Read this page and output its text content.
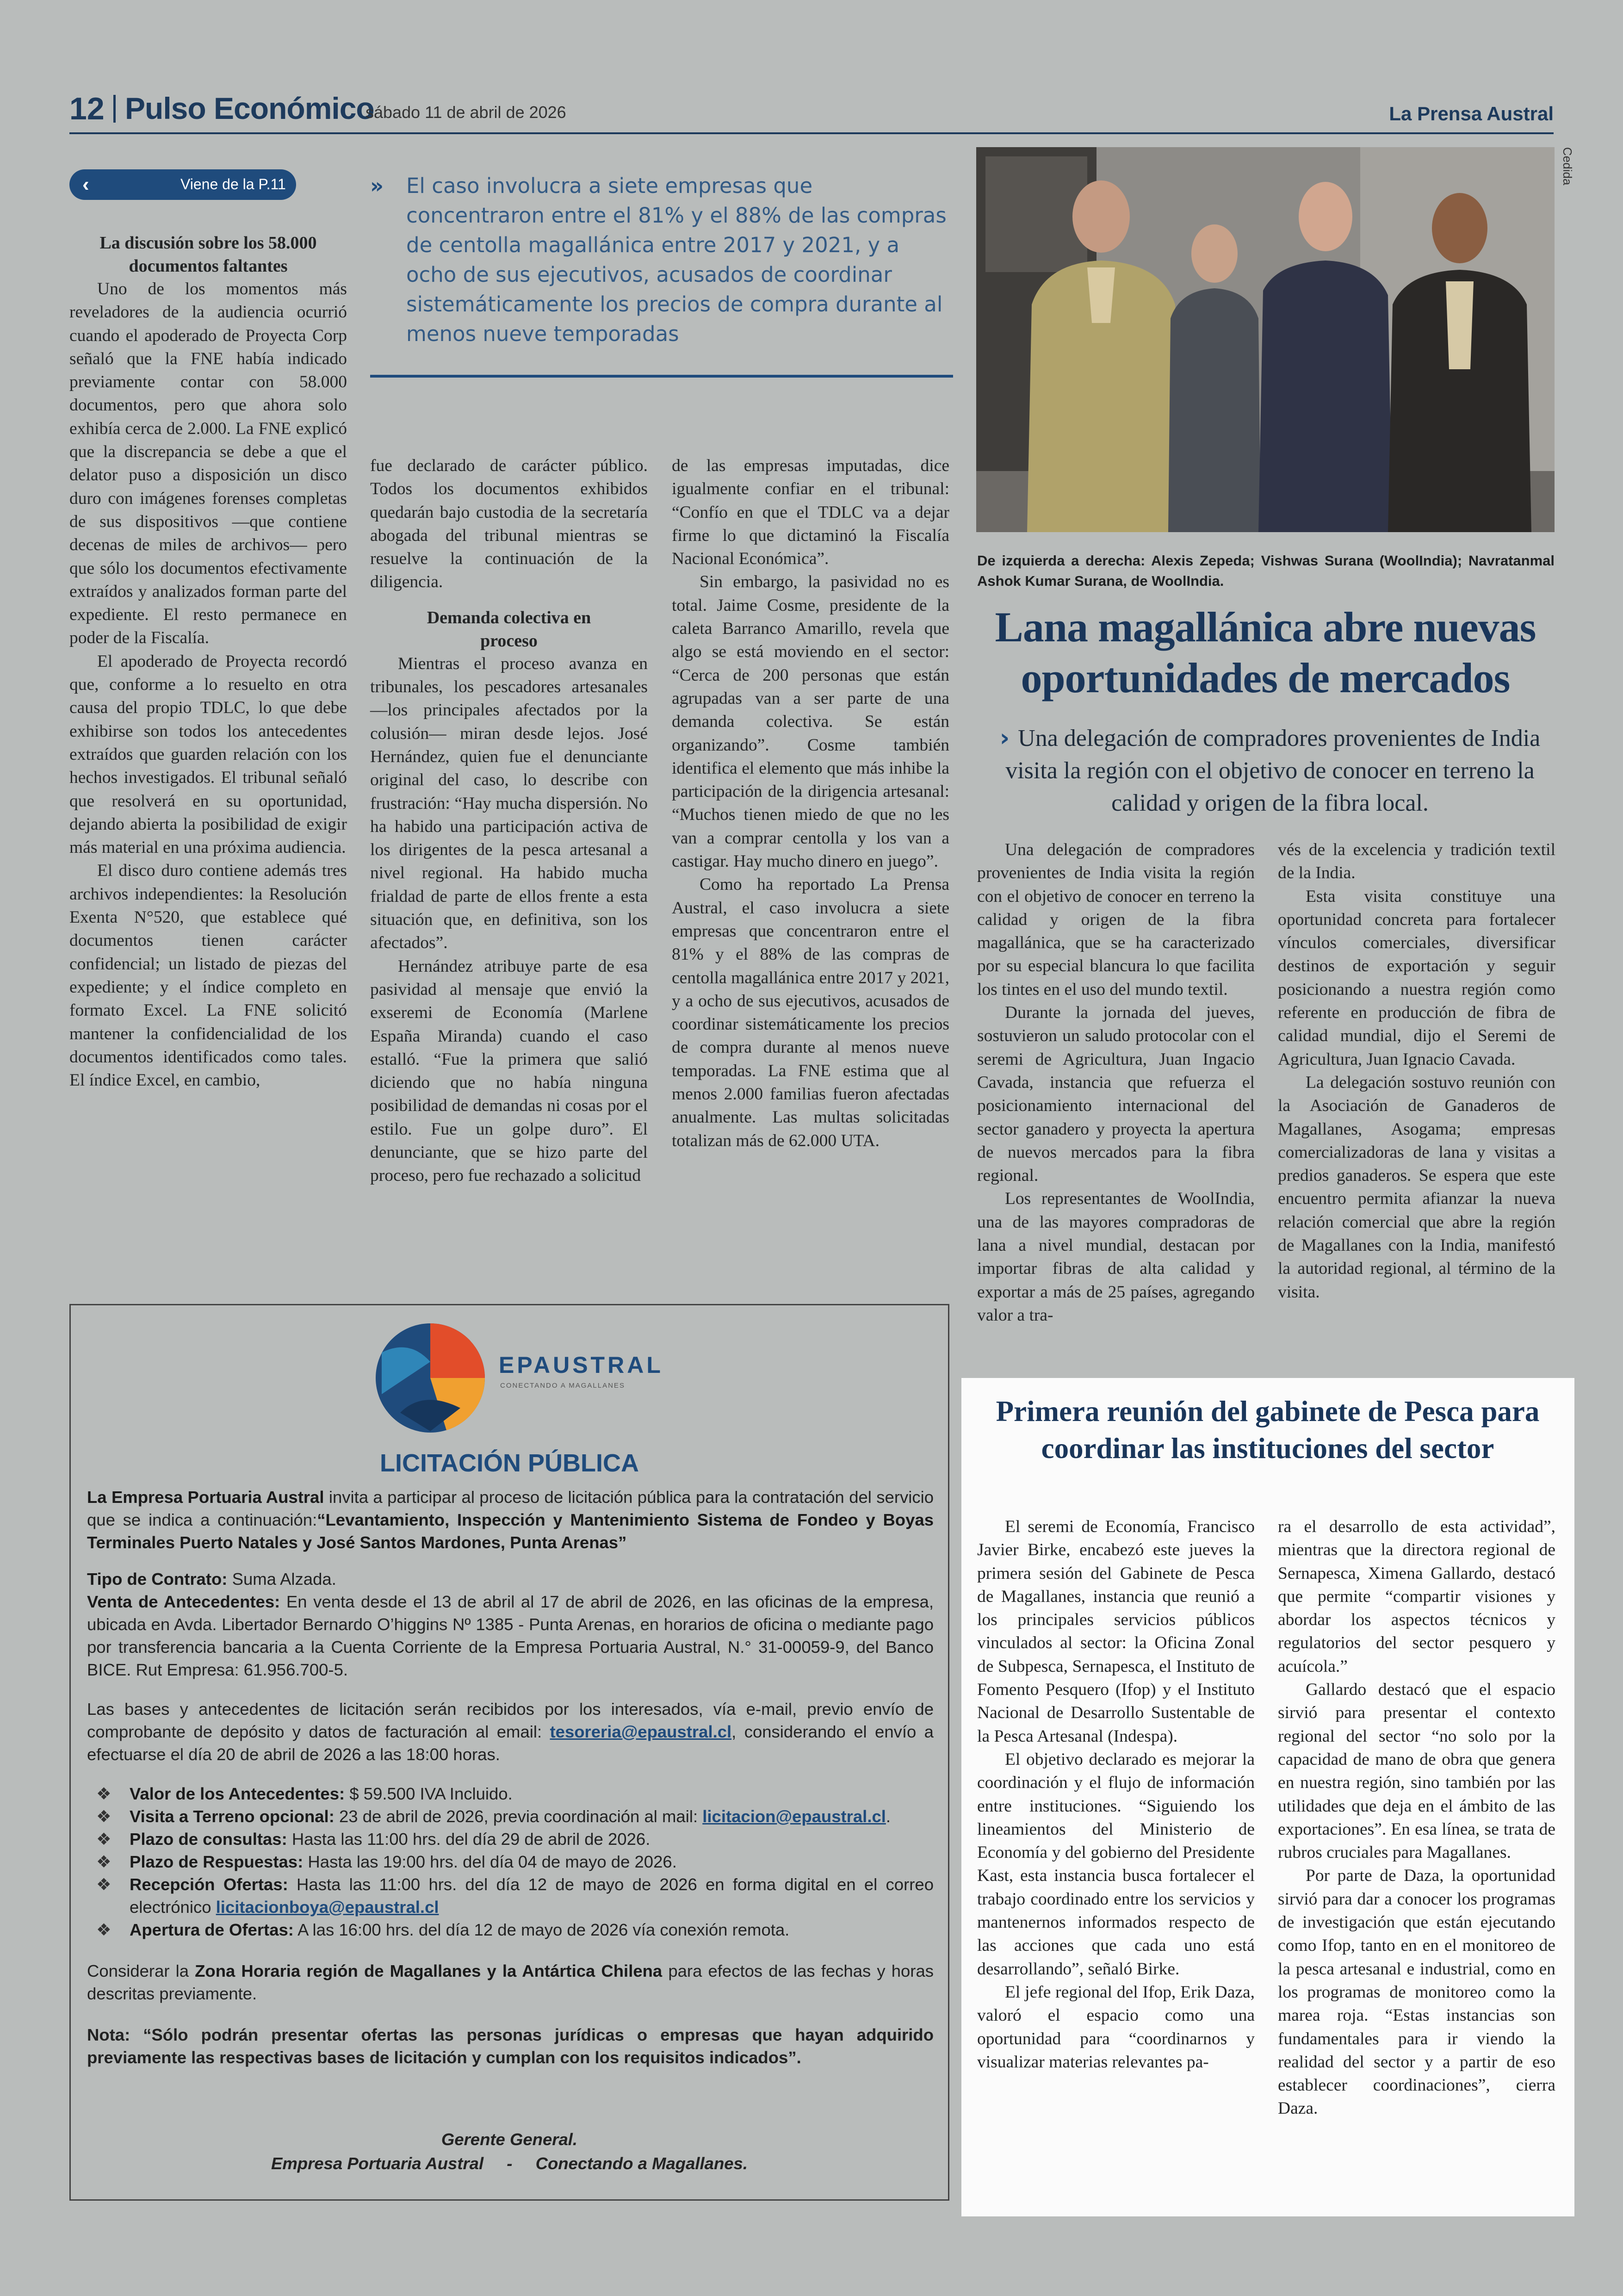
12 Pulso Económico
sábado 11 de abril de 2026	La Prensa Austral
‹	Viene de la P.11	»	El caso involucra a siete empresas que concentraron entre el 81% y el 88% de las compras de centolla magallánica entre 2017 y 2021, y a ocho de sus ejecutivos, acusados de coordinar sistemáticamente los precios de compra durante al menos nueve temporadas
La discusión sobre los 58.000 documentos faltantes

Uno de los momentos más reveladores de la audiencia ocurrió cuando el apoderado de Proyecta Corp señaló que la FNE había indicado previamente contar con 58.000 documentos, pero que ahora solo exhibía cerca de 2.000. La FNE explicó que la discrepancia se debe a que el delator puso a disposición un disco duro con imágenes forenses completas de sus dispositivos —que contiene decenas de miles de archivos— pero que sólo los documentos efectivamente extraídos y analizados forman parte del expediente. El resto permanece en poder de la Fiscalía.

El apoderado de Proyecta recordó que, conforme a lo resuelto en otra causa del propio TDLC, lo que debe exhibirse son todos los antecedentes extraídos que guarden relación con los hechos investigados. El tribunal señaló que resolverá en su oportunidad, dejando abierta la posibilidad de exigir más material en una próxima audiencia.

El disco duro contiene además tres archivos independientes: la Resolución Exenta N°520, que establece qué documentos tienen carácter confidencial; un listado de piezas del expediente; y el índice completo en formato Excel. La FNE solicitó mantener la confidencialidad de los documentos identificados como tales. El índice Excel, en cambio,

fue declarado de carácter público. Todos los documentos exhibidos quedarán bajo custodia de la secretaría abogada del tribunal mientras se resuelve la continuación de la diligencia.
Demanda colectiva en proceso

Mientras el proceso avanza en tribunales, los pescadores artesanales —los principales afectados por la colusión— miran desde lejos. José Hernández, quien fue el denunciante original del caso, lo describe con frustración: “Hay mucha dispersión. No ha habido una participación activa de los dirigentes de la pesca artesanal a nivel regional. Ha habido mucha frialdad de parte de ellos frente a esta situación que, en definitiva, son los afectados”.

Hernández atribuye parte de esa pasividad al mensaje que envió la exseremi de Economía (Marlene España Miranda) cuando el caso estalló. “Fue la primera que salió diciendo que no había ninguna posibilidad de demandas ni cosas por el estilo. Fue un golpe duro”. El denunciante, que se hizo parte del proceso, pero fue rechazado a solicitud

de las empresas imputadas, dice igualmente confiar en el tribunal: “Confío en que el TDLC va a dejar firme lo que dictaminó la Fiscalía Nacional Económica”.

Sin embargo, la pasividad no es total. Jaime Cosme, presidente de la caleta Barranco Amarillo, revela que algo se está moviendo en el sector: “Cerca de 200 personas que están agrupadas van a ser parte de una demanda colectiva. Se están organizando”. Cosme también identifica el elemento que más inhibe la participación de la dirigencia artesanal: “Muchos tienen miedo de que no les van a comprar centolla y los van a castigar. Hay mucho dinero en juego”.

Como ha reportado La Prensa Austral, el caso involucra a siete empresas que concentraron entre el 81% y el 88% de las compras de centolla magallánica entre 2017 y 2021, y a ocho de sus ejecutivos, acusados de coordinar sistemáticamente los precios de compra durante al menos nueve temporadas. La FNE estima que al menos 2.000 familias fueron afectadas anualmente. Las multas solicitadas totalizan más de 62.000 UTA.

Cedida
De izquierda a derecha: Alexis Zepeda; Vishwas Surana (WoolIndia); Navratanmal Ashok Kumar Surana, de WoolIndia.
Lana magallánica abre nuevas oportunidades de mercados
› Una delegación de compradores provenientes de India visita la región con el objetivo de conocer en terreno la calidad y origen de la fibra local.

Una delegación de compradores provenientes de India visita la región con el objetivo de conocer en terreno la calidad y origen de la fibra magallánica, que se ha caracterizado por su especial blancura lo que facilita los tintes en el uso del mundo textil.

Durante la jornada del jueves, sostuvieron un saludo protocolar con el seremi de Agricultura, Juan Ingacio Cavada, instancia que refuerza el posicionamiento internacional del sector ganadero y proyecta la apertura de nuevos mercados para la fibra regional.

Los representantes de WoolIndia, una de las mayores compradoras de lana a nivel mundial, destacan por importar fibras de alta calidad y exportar a más de 25 países, agregando valor a tra-

vés de la excelencia y tradición textil de la India.

Esta visita constituye una oportunidad concreta para fortalecer vínculos comerciales, diversificar destinos de exportación y seguir posicionando a nuestra región como referente en producción de fibra de calidad mundial, dijo el Seremi de Agricultura, Juan Ignacio Cavada.

La delegación sostuvo reunión con la Asociación de Ganaderos de Magallanes, Asogama; empresas comercializadoras de lana y visitas a predios ganaderos. Se espera que este encuentro permita afianzar la nueva relación comercial que abre la región de Magallanes con la India, manifestó la autoridad regional, al término de la visita.

EPAUSTRAL
CONECTANDO A MAGALLANES
LICITACIÓN PÚBLICA
La Empresa Portuaria Austral invita a participar al proceso de licitación pública para la contratación del servicio que se indica a continuación:“Levantamiento, Inspección y Mantenimiento Sistema de Fondeo y Boyas Terminales Puerto Natales y José Santos Mardones, Punta Arenas”
Tipo de Contrato: Suma Alzada.
Venta de Antecedentes: En venta desde el 13 de abril al 17 de abril de 2026, en las oficinas de la empresa, ubicada en Avda. Libertador Bernardo O’higgins Nº 1385 - Punta Arenas, en horarios de oficina o mediante pago por transferencia bancaria a la Cuenta Corriente de la Empresa Portuaria Austral, N.° 31-00059-9, del Banco BICE. Rut Empresa: 61.956.700-5.
Las bases y antecedentes de licitación serán recibidos por los interesados, vía e-mail, previo envío de comprobante de depósito y datos de facturación al email: tesoreria@epaustral.cl, considerando el envío a efectuarse el día 20 de abril de 2026 a las 18:00 horas.
❖ Valor de los Antecedentes: $ 59.500 IVA Incluido.
❖ Visita a Terreno opcional: 23 de abril de 2026, previa coordinación al mail: licitacion@epaustral.cl.
❖ Plazo de consultas: Hasta las 11:00 hrs. del día 29 de abril de 2026.
❖ Plazo de Respuestas: Hasta las 19:00 hrs. del día 04 de mayo de 2026.
❖ Recepción Ofertas: Hasta las 11:00 hrs. del día 12 de mayo de 2026 en forma digital en el correo electrónico licitacionboya@epaustral.cl
❖ Apertura de Ofertas: A las 16:00 hrs. del día 12 de mayo de 2026 vía conexión remota.
Considerar la Zona Horaria región de Magallanes y la Antártica Chilena para efectos de las fechas y horas descritas previamente.
Nota: “Sólo podrán presentar ofertas las personas jurídicas o empresas que hayan adquirido previamente las respectivas bases de licitación y cumplan con los requisitos indicados”.
Gerente General.
Empresa Portuaria Austral - Conectando a Magallanes.
Primera reunión del gabinete de Pesca para coordinar las instituciones del sector

El seremi de Economía, Francisco Javier Birke, encabezó este jueves la primera sesión del Gabinete de Pesca de Magallanes, instancia que reunió a los principales servicios públicos vinculados al sector: la Oficina Zonal de Subpesca, Sernapesca, el Instituto de Fomento Pesquero (Ifop) y el Instituto Nacional de Desarrollo Sustentable de la Pesca Artesanal (Indespa).

El objetivo declarado es mejorar la coordinación y el flujo de información entre instituciones. “Siguiendo los lineamientos del Ministerio de Economía y del gobierno del Presidente Kast, esta instancia busca fortalecer el trabajo coordinado entre los servicios y mantenernos informados respecto de las acciones que cada uno está desarrollando”, señaló Birke.

El jefe regional del Ifop, Erik Daza, valoró el espacio como una oportunidad para “coordinarnos y visualizar materias relevantes pa-

ra el desarrollo de esta actividad”, mientras que la directora regional de Sernapesca, Ximena Gallardo, destacó que permite “compartir visiones y abordar los aspectos técnicos y regulatorios del sector pesquero y acuícola.”

Gallardo destacó que el espacio sirvió para presentar el contexto regional del sector “no solo por la capacidad de mano de obra que genera en nuestra región, sino también por las utilidades que deja en el ámbito de las exportaciones”. En esa línea, se trata de rubros cruciales para Magallanes.

Por parte de Daza, la oportunidad sirvió para dar a conocer los programas de investigación que están ejecutando como Ifop, tanto en en el monitoreo de la pesca artesanal e industrial, como en los programas de monitoreo como la marea roja. “Estas instancias son fundamentales para ir viendo la realidad del sector y a partir de eso establecer coordinaciones”, cierra Daza.
